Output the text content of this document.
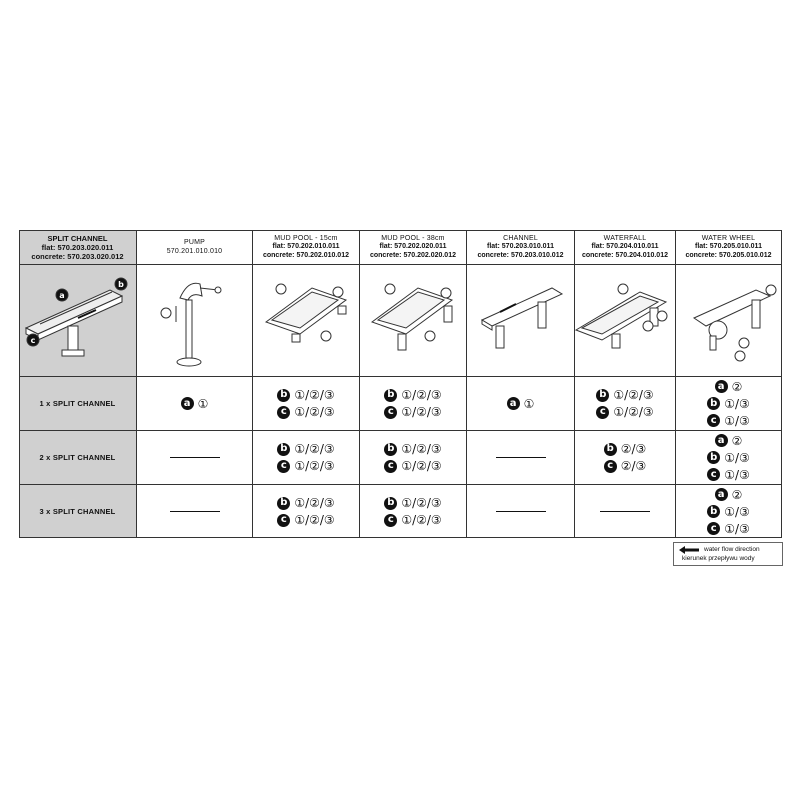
a
b
c
SPLIT CHANNEL
flat: 570.203.020.011
concrete: 570.203.020.012
PUMP
570.201.010.010
MUD POOL - 15cm
flat: 570.202.010.011
concrete: 570.202.010.012
MUD POOL - 38cm
flat: 570.202.020.011
concrete: 570.202.020.012
CHANNEL
flat: 570.203.010.011
concrete: 570.203.010.012
WATERFALL
flat: 570.204.010.011
concrete: 570.204.010.012
WATER WHEEL
flat: 570.205.010.011
concrete: 570.205.010.012
1 x SPLIT CHANNEL
2 x SPLIT CHANNEL
3 x SPLIT CHANNEL
a ①
b ①/②/③
c ①/②/③
b ①/②/③
c ①/②/③
a ①
b ①/②/③
c ①/②/③
a ②
b ①/③
c ①/③
b ①/②/③
c ①/②/③
b ①/②/③
c ①/②/③
b ②/③
c ②/③
a ②
b ①/③
c ①/③
b ①/②/③
c ①/②/③
b ①/②/③
c ①/②/③
a ②
b ①/③
c ①/③
water flow direction
kierunek przepływu wody
